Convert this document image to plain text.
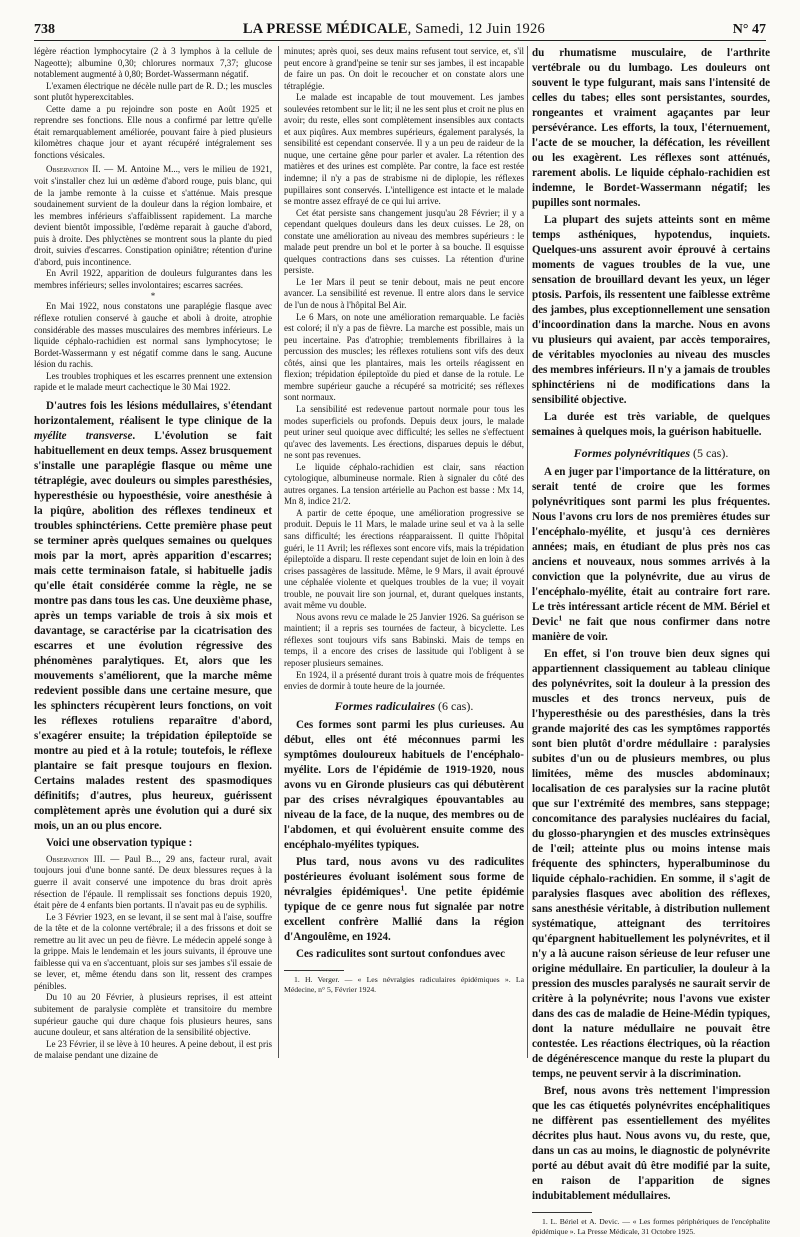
738	LA PRESSE MÉDICALE, Samedi, 12 Juin 1926	N° 47

légère réaction lymphocytaire (2 à 3 lymphos à la cellule de Nageotte); albumine 0,30; chlorures normaux 7,37; glucose notablement augmenté à 0,80; Bordet-Wassermann négatif.

L'examen électrique ne décèle nulle part de R. D.; les muscles sont plutôt hyperexcitables.

Cette dame a pu rejoindre son poste en Août 1925 et reprendre ses fonctions. Elle nous a confirmé par lettre qu'elle était remarquablement améliorée, pouvant faire à pied plusieurs kilomètres chaque jour et ayant récupéré intégralement ses fonctions vésicales.

Observation II. — M. Antoine M..., vers le milieu de 1921, voit s'installer chez lui un œdème d'abord rouge, puis blanc, qui de la jambe remonte à la cuisse et s'atténue. Mais presque soudainement survient de la douleur dans la région lombaire, et les membres inférieurs s'affaiblissent rapidement. La marche devient bientôt impossible, l'œdème reparait à gauche d'abord, puis à droite. Des phlyctènes se montrent sous la plante du pied droit, suivies d'escarres. Constipation opiniâtre; rétention d'urine d'abord, puis incontinence.

En Avril 1922, apparition de douleurs fulgurantes dans les membres inférieurs; selles involontaires; escarres sacrées.

*

En Mai 1922, nous constatons une paraplégie flasque avec réflexe rotulien conservé à gauche et aboli à droite, atrophie considérable des masses musculaires des membres inférieurs. Le liquide céphalo-rachidien est normal sans lymphocytose; le Bordet-Wassermann y est négatif comme dans le sang. Aucune lésion du rachis.

Les troubles trophiques et les escarres prennent une extension rapide et le malade meurt cachectique le 30 Mai 1922.

D'autres fois les lésions médullaires, s'étendant horizontalement, réalisent le type clinique de la myélite transverse. L'évolution se fait habituellement en deux temps. Assez brusquement s'installe une paraplégie flasque ou même une tétraplégie, avec douleurs ou simples paresthésies, hyperesthésie ou hypoesthésie, voire anesthésie à la piqûre, abolition des réflexes tendineux et troubles sphinctériens. Cette première phase peut se terminer après quelques semaines ou quelques mois par la mort, après apparition d'escarres; mais cette terminaison fatale, si habituelle jadis qu'elle était considérée comme la règle, ne se montre pas dans tous les cas. Une deuxième phase, après un temps variable de trois à six mois et davantage, se caractérise par la cicatrisation des escarres et une évolution régressive des phénomènes paralytiques. Et, alors que les mouvements s'améliorent, que la marche même redevient possible dans une certaine mesure, que les sphincters récupèrent leurs fonctions, on voit les réflexes rotuliens reparaître d'abord, s'exagérer ensuite; la trépidation épileptoïde se montre au pied et à la rotule; toutefois, le réflexe plantaire se fait presque toujours en flexion. Certains malades restent des spasmodiques définitifs; d'autres, plus heureux, guérissent complètement après une évolution qui a duré six mois, un an ou plus encore.

Voici une observation typique :

Observation III. — Paul B..., 29 ans, facteur rural, avait toujours joui d'une bonne santé. De deux blessures reçues à la guerre il avait conservé une impotence du bras droit après résection de l'épaule. Il remplissait ses fonctions depuis 1920, était père de 4 enfants bien portants. Il n'avait pas eu de syphilis.

Le 3 Février 1923, en se levant, il se sent mal à l'aise, souffre de la tête et de la colonne vertébrale; il a des frissons et doit se remettre au lit avec un peu de fièvre. Le médecin appelé songe à la grippe. Mais le lendemain et les jours suivants, il éprouve une faiblesse qui va en s'accentuant, plois sur ses jambes s'il essaie de se lever, et, même étendu dans son lit, ressent des crampes pénibles.

Du 10 au 20 Février, à plusieurs reprises, il est atteint subitement de paralysie complète et transitoire du membre supérieur gauche qui dure chaque fois plusieurs heures, sans aucune douleur, et sans altération de la sensibilité objective.

Le 23 Février, il se lève à 10 heures. A peine debout, il est pris de malaise pendant une dizaine de

minutes; après quoi, ses deux mains refusent tout service, et, s'il peut encore à grand'peine se tenir sur ses jambes, il est incapable de faire un pas. On doit le recoucher et on constate alors une tétraplégie.

Le malade est incapable de tout mouvement. Les jambes soulevées retombent sur le lit; il ne les sent plus et croit ne plus en avoir; du reste, elles sont complètement insensibles aux contacts et aux piqûres. Aux membres supérieurs, également paralysés, la sensibilité est cependant conservée. Il y a un peu de raideur de la nuque, une certaine gêne pour parler et avaler. La rétention des matières et des urines est complète. Par contre, la face est restée indemne; il n'y a pas de strabisme ni de diplopie, les réflexes pupillaires sont conservés. L'intelligence est intacte et le malade se montre assez effrayé de ce qui lui arrive.

Cet état persiste sans changement jusqu'au 28 Février; il y a cependant quelques douleurs dans les deux cuisses. Le 28, on constate une amélioration au niveau des membres supérieurs : le malade peut prendre un bol et le porter à sa bouche. Il esquisse quelques contractions dans ses cuisses. La rétention d'urine persiste.

Le 1er Mars il peut se tenir debout, mais ne peut encore avancer. La sensibilité est revenue. Il entre alors dans le service de l'un de nous à l'hôpital Bel Air.

Le 6 Mars, on note une amélioration remarquable. Le faciès est coloré; il n'y a pas de fièvre. La marche est possible, mais un peu incertaine. Pas d'atrophie; tremblements fibrillaires à la percussion des muscles; les réflexes rotuliens sont vifs des deux côtés, ainsi que les plantaires, mais les orteils réagissent en flexion; trépidation épileptoïde du pied et danse de la rotule. Le membre supérieur gauche a récupéré sa motricité; ses réflexes sont normaux.

La sensibilité est redevenue partout normale pour tous les modes superficiels ou profonds. Depuis deux jours, le malade peut uriner seul quoique avec difficulté; les selles ne s'effectuent qu'avec des lavements. Les érections, disparues depuis le début, ne sont pas revenues.

Le liquide céphalo-rachidien est clair, sans réaction cytologique, albumineuse normale. Rien à signaler du côté des autres organes. La tension artérielle au Pachon est basse : Mx 14, Mn 8, indice 21/2.

A partir de cette époque, une amélioration progressive se produit. Depuis le 11 Mars, le malade urine seul et va à la selle sans difficulté; les érections réapparaissent. Il quitte l'hôpital guéri, le 11 Avril; les réflexes sont encore vifs, mais la trépidation épileptoïde a disparu. Il reste cependant sujet de loin en loin à des crises passagères de lassitude. Même, le 9 Mars, il avait éprouvé une céphalée violente et quelques troubles de la vue; il voyait trouble, ne pouvait lire son journal, et, durant quelques instants, avait même vu double.

Nous avons revu ce malade le 25 Janvier 1926. Sa guérison se maintient; il a repris ses tournées de facteur, à bicyclette. Les réflexes sont toujours vifs sans Babinski. Mais de temps en temps, il a encore des crises de lassitude qui l'obligent à se reposer plusieurs semaines.

En 1924, il a présenté durant trois à quatre mois de fréquentes envies de dormir à toute heure de la journée.

Formes radiculaires (6 cas).

Ces formes sont parmi les plus curieuses. Au début, elles ont été méconnues parmi les symptômes douloureux habituels de l'encéphalo-myélite. Lors de l'épidémie de 1919-1920, nous avons vu en Gironde plusieurs cas qui débutèrent par des crises névralgiques épouvantables au niveau de la face, de la nuque, des membres ou de l'abdomen, et qui évoluèrent ensuite comme des encéphalo-myélites typiques.

Plus tard, nous avons vu des radiculites postérieures évoluant isolément sous forme de névralgies épidémiques$^1$. Une petite épidémie typique de ce genre nous fut signalée par notre excellent confrère Mallié dans la région d'Angoulême, en 1924.

Ces radiculites sont surtout confondues avec

1. H. Verger. — « Les névralgies radiculaires épidémiques ». La Médecine, n° 5, Février 1924.

du rhumatisme musculaire, de l'arthrite vertébrale ou du lumbago. Les douleurs ont souvent le type fulgurant, mais sans l'intensité de celles du tabes; elles sont persistantes, sourdes, rongeantes et vraiment agaçantes par leur persévérance. Les efforts, la toux, l'éternuement, l'acte de se moucher, la défécation, les réveillent ou les exagèrent. Les réflexes sont atténués, rarement abolis. Le liquide céphalo-rachidien est indemne, le Bordet-Wassermann négatif; les pupilles sont normales.

La plupart des sujets atteints sont en même temps asthéniques, hypotendus, inquiets. Quelques-uns assurent avoir éprouvé à certains moments de vagues troubles de la vue, une sensation de brouillard devant les yeux, un léger ptosis. Parfois, ils ressentent une faiblesse extrême des jambes, plus exceptionnellement une sensation d'incoordination dans la marche. Nous en avons vu plusieurs qui avaient, par accès temporaires, de véritables myoclonies au niveau des muscles des membres inférieurs. Il n'y a jamais de troubles sphinctériens ni de modifications dans la sensibilité objective.

La durée est très variable, de quelques semaines à quelques mois, la guérison habituelle.

Formes polynévritiques (5 cas).

A en juger par l'importance de la littérature, on serait tenté de croire que les formes polynévritiques sont parmi les plus fréquentes. Nous l'avons cru lors de nos premières études sur l'encéphalo-myélite, et jusqu'à ces dernières années; mais, en étudiant de plus près nos cas anciens et nouveaux, nous sommes arrivés à la conviction que la polynévrite, due au virus de l'encéphalo-myélite, était au contraire fort rare. Le très intéressant article récent de MM. Bériel et Devic$^1$ ne fait que nous confirmer dans notre manière de voir.

En effet, si l'on trouve bien deux signes qui appartiennent classiquement au tableau clinique des polynévrites, soit la douleur à la pression des muscles et des troncs nerveux, puis de l'hyperesthésie ou des paresthésies, dans la très grande majorité des cas les symptômes rapportés sont bien plutôt d'ordre médullaire : paralysies subites d'un ou de plusieurs membres, ou plus limitées, même des muscles abdominaux; localisation de ces paralysies sur la racine plutôt que sur l'extrémité des membres, sans steppage; concomitance des paralysies nucléaires du facial, du glosso-pharyngien et des muscles extrinsèques de l'œil; atteinte plus ou moins intense mais fréquente des sphincters, hyperalbuminose du liquide céphalo-rachidien. En somme, il s'agit de paralysies flasques avec abolition des réflexes, sans anesthésie véritable, à distribution nullement systématique, atteignant des territoires qu'épargnent habituellement les polynévrites, et il n'y a là aucune raison sérieuse de leur refuser une origine médullaire. En particulier, la douleur à la pression des muscles paralysés ne saurait servir de critère à la polynévrite; nous l'avons vue exister dans des cas de maladie de Heine-Médin typiques, dont la nature médullaire ne pouvait être contestée. Les réactions électriques, où la réaction de dégénérescence manque du reste la plupart du temps, ne peuvent servir à la discrimination.

Bref, nous avons très nettement l'impression que les cas étiquetés polynévrites encéphalitiques ne diffèrent pas essentiellement des myélites décrites plus haut. Nous avons vu, du reste, que, dans un cas au moins, le diagnostic de polynévrite porté au début avait dû être modifié par la suite, en raison de l'apparition de signes indubitablement médullaires.

1. L. Bériel et A. Devic. — « Les formes périphériques de l'encéphalite épidémique ». La Presse Médicale, 31 Octobre 1925.
